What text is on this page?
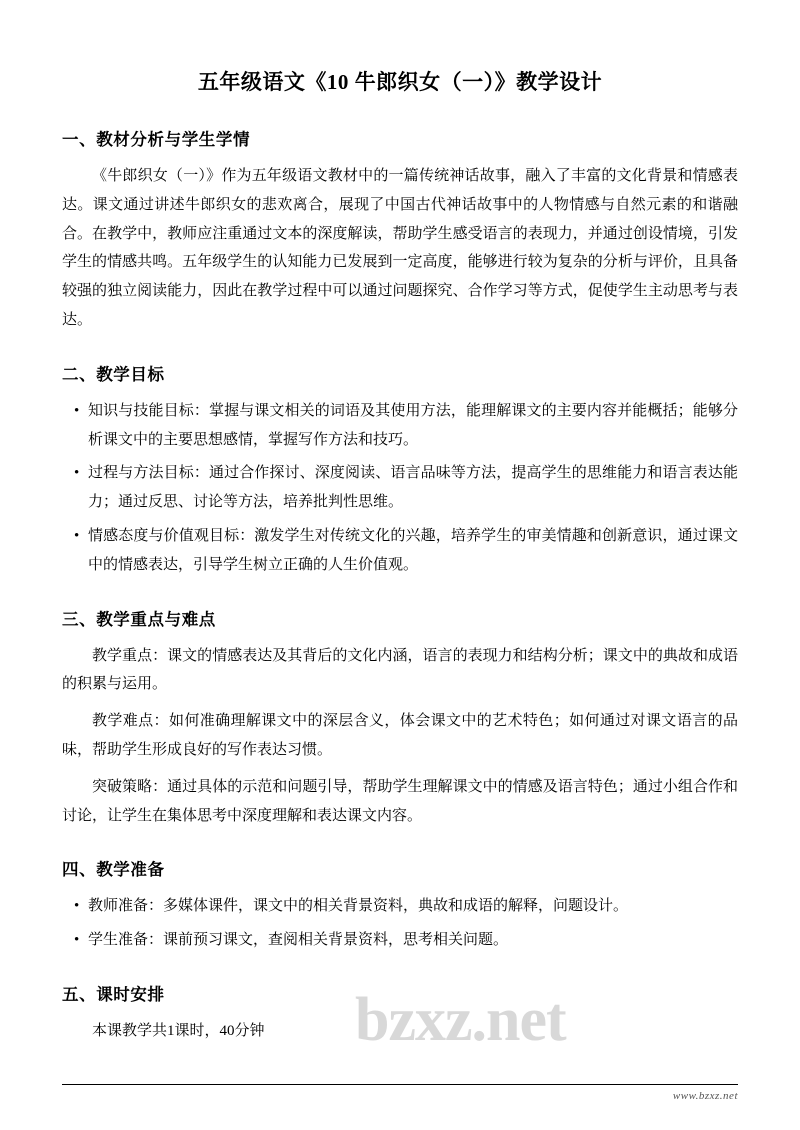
五年级语文《10 牛郎织女（一）》教学设计
一、教材分析与学生学情

《牛郎织女（一）》作为五年级语文教材中的一篇传统神话故事，融入了丰富的文化背景和情感表达。课文通过讲述牛郎织女的悲欢离合，展现了中国古代神话故事中的人物情感与自然元素的和谐融合。在教学中，教师应注重通过文本的深度解读，帮助学生感受语言的表现力，并通过创设情境，引发学生的情感共鸣。五年级学生的认知能力已发展到一定高度，能够进行较为复杂的分析与评价，且具备较强的独立阅读能力，因此在教学过程中可以通过问题探究、合作学习等方式，促使学生主动思考与表达。

二、教学目标
• 知识与技能目标：掌握与课文相关的词语及其使用方法，能理解课文的主要内容并能概括；能够分析课文中的主要思想感情，掌握写作方法和技巧。
• 过程与方法目标：通过合作探讨、深度阅读、语言品味等方法，提高学生的思维能力和语言表达能力；通过反思、讨论等方法，培养批判性思维。
• 情感态度与价值观目标：激发学生对传统文化的兴趣，培养学生的审美情趣和创新意识，通过课文中的情感表达，引导学生树立正确的人生价值观。
三、教学重点与难点

教学重点：课文的情感表达及其背后的文化内涵，语言的表现力和结构分析；课文中的典故和成语的积累与运用。

教学难点：如何准确理解课文中的深层含义，体会课文中的艺术特色；如何通过对课文语言的品味，帮助学生形成良好的写作表达习惯。

突破策略：通过具体的示范和问题引导，帮助学生理解课文中的情感及语言特色；通过小组合作和讨论，让学生在集体思考中深度理解和表达课文内容。

四、教学准备
• 教师准备：多媒体课件，课文中的相关背景资料，典故和成语的解释，问题设计。
• 学生准备：课前预习课文，查阅相关背景资料，思考相关问题。
五、课时安排

本课教学共1课时，40分钟	bzxz.net
www.bzxz.net
